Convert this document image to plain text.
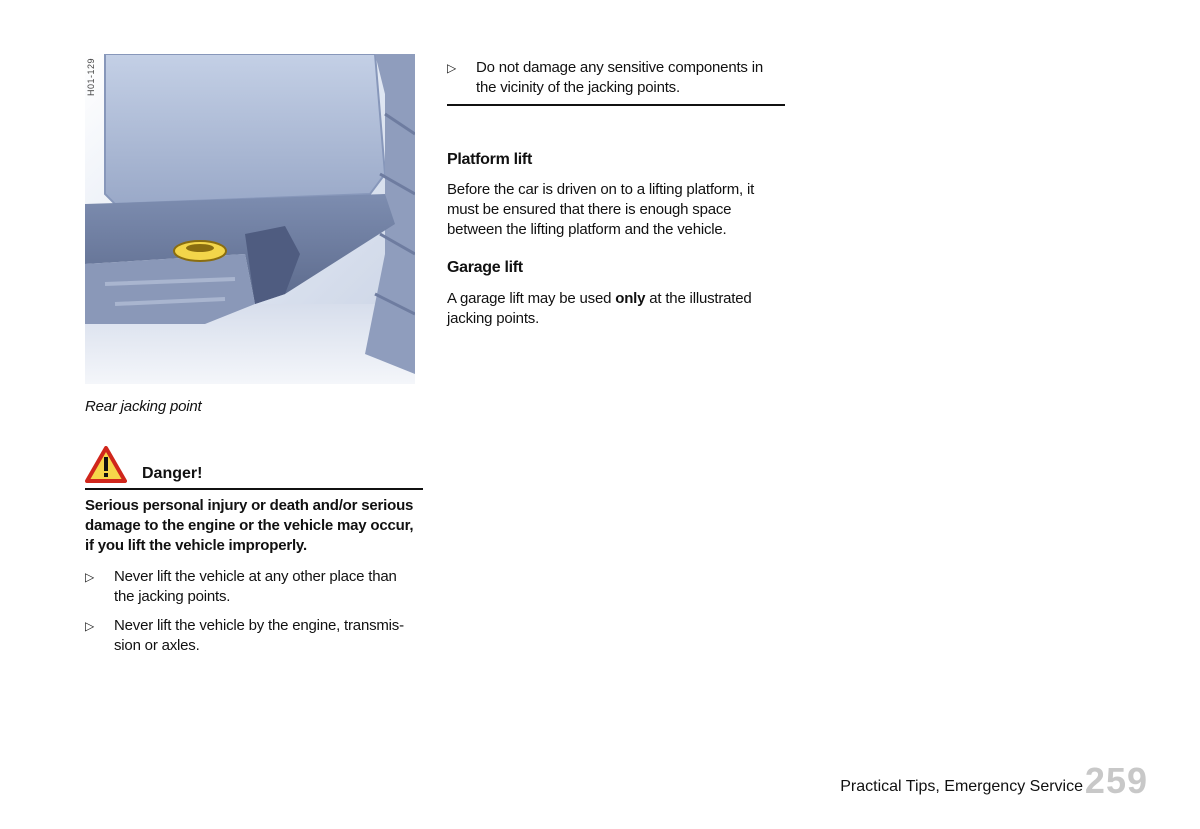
H01-129
Rear jacking point
Danger!
Serious personal injury or death and/or serious damage to the engine or the vehicle may occur, if you lift the vehicle improperly.
▷	Never lift the vehicle at any other place than the jacking points.
▷	Never lift the vehicle by the engine, transmis-sion or axles.
▷	Do not damage any sensitive components in the vicinity of the jacking points.
Platform lift
Before the car is driven on to a lifting platform, it must be ensured that there is enough space between the lifting platform and the vehicle.
Garage lift
A garage lift may be used only at the illustrated jacking points.
Practical Tips, Emergency Service 259
